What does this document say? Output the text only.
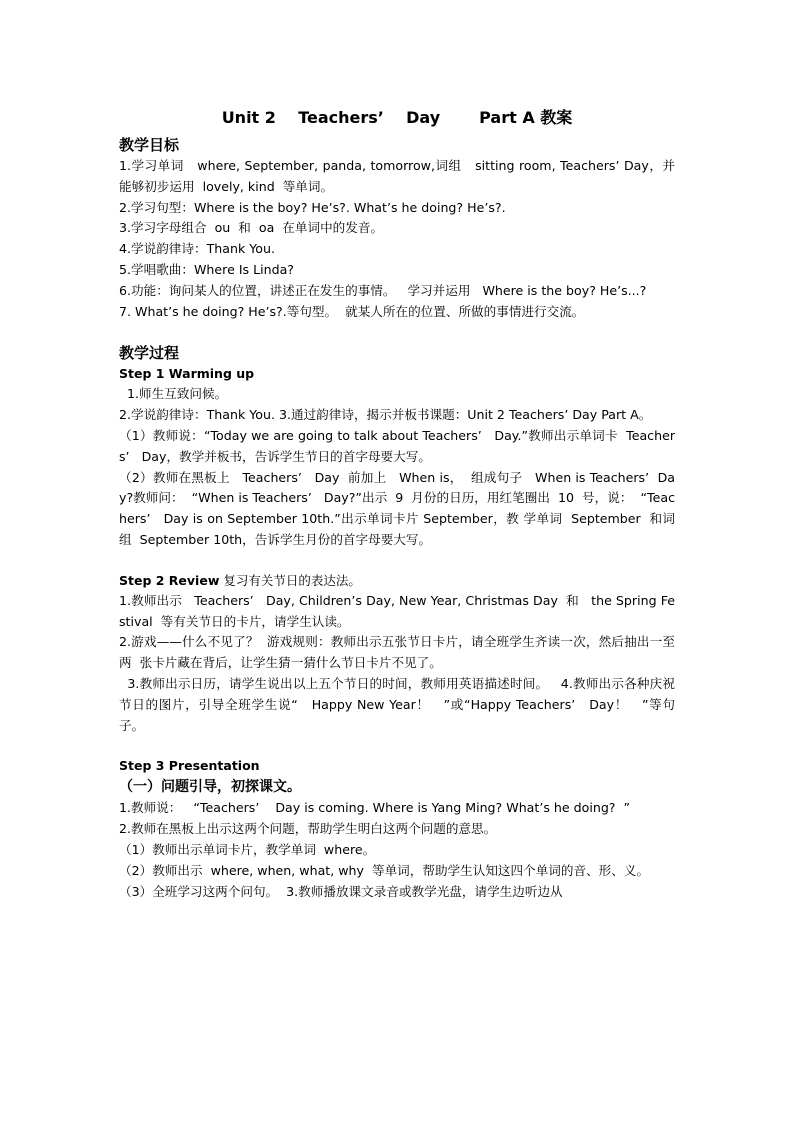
Unit 2    Teachers’    Day       Part A 教案
教学目标

1.学习单词   where, September, panda, tomorrow,词组   sitting room, Teachers’ Day，并能够初步运用  lovely, kind  等单词。

2.学习句型：Where is the boy? He’s?. What’s he doing? He’s?.

3.学习字母组合  ou  和  oa  在单词中的发音。

4.学说韵律诗：Thank You.

5.学唱歌曲：Where Is Linda?

6.功能：询问某人的位置，讲述正在发生的事情。   学习并运用   Where is the boy? He’s...?

7. What’s he doing? He’s?.等句型。  就某人所在的位置、所做的事情进行交流。

教学过程
Step 1 Warming up

1.师生互致问候。

2.学说韵律诗：Thank You. 3.通过韵律诗，揭示并板书课题：Unit 2 Teachers’ Day Part A。

（1）教师说：“Today we are going to talk about Teachers’   Day.”教师出示单词卡  Teachers’   Day，教学并板书，告诉学生节日的首字母要大写。

（2）教师在黑板上   Teachers’   Day  前加上   When is，  组成句子   When is Teachers’  Day?教师问：  “When is Teachers’   Day?”出示  9  月份的日历，用红笔圈出  10  号，说：  “Teachers’   Day is on September 10th.”出示单词卡片 September，教 学单词  September  和词组  September 10th，告诉学生月份的首字母要大写。

Step 2 Review 复习有关节日的表达法。

1.教师出示   Teachers’   Day, Children’s Day, New Year, Christmas Day  和   the Spring Festival  等有关节日的卡片，请学生认读。

2.游戏——什么不见了？  游戏规则：教师出示五张节日卡片，请全班学生齐读一次，然后抽出一至两  张卡片藏在背后，让学生猜一猜什么节日卡片不见了。

3.教师出示日历，请学生说出以上五个节日的时间，教师用英语描述时间。   4.教师出示各种庆祝节日的图片，引导全班学生说“   Happy New Year！   ”或“Happy Teachers’   Day！   ”等句子。

Step 3 Presentation
（一）问题引导，初探课文。

1.教师说：   “Teachers’    Day is coming. Where is Yang Ming? What’s he doing?  ”

2.教师在黑板上出示这两个问题，帮助学生明白这两个问题的意思。

（1）教师出示单词卡片，教学单词  where。

（2）教师出示  where, when, what, why  等单词，帮助学生认知这四个单词的音、形、义。

（3）全班学习这两个问句。  3.教师播放课文录音或教学光盘，请学生边听边从
